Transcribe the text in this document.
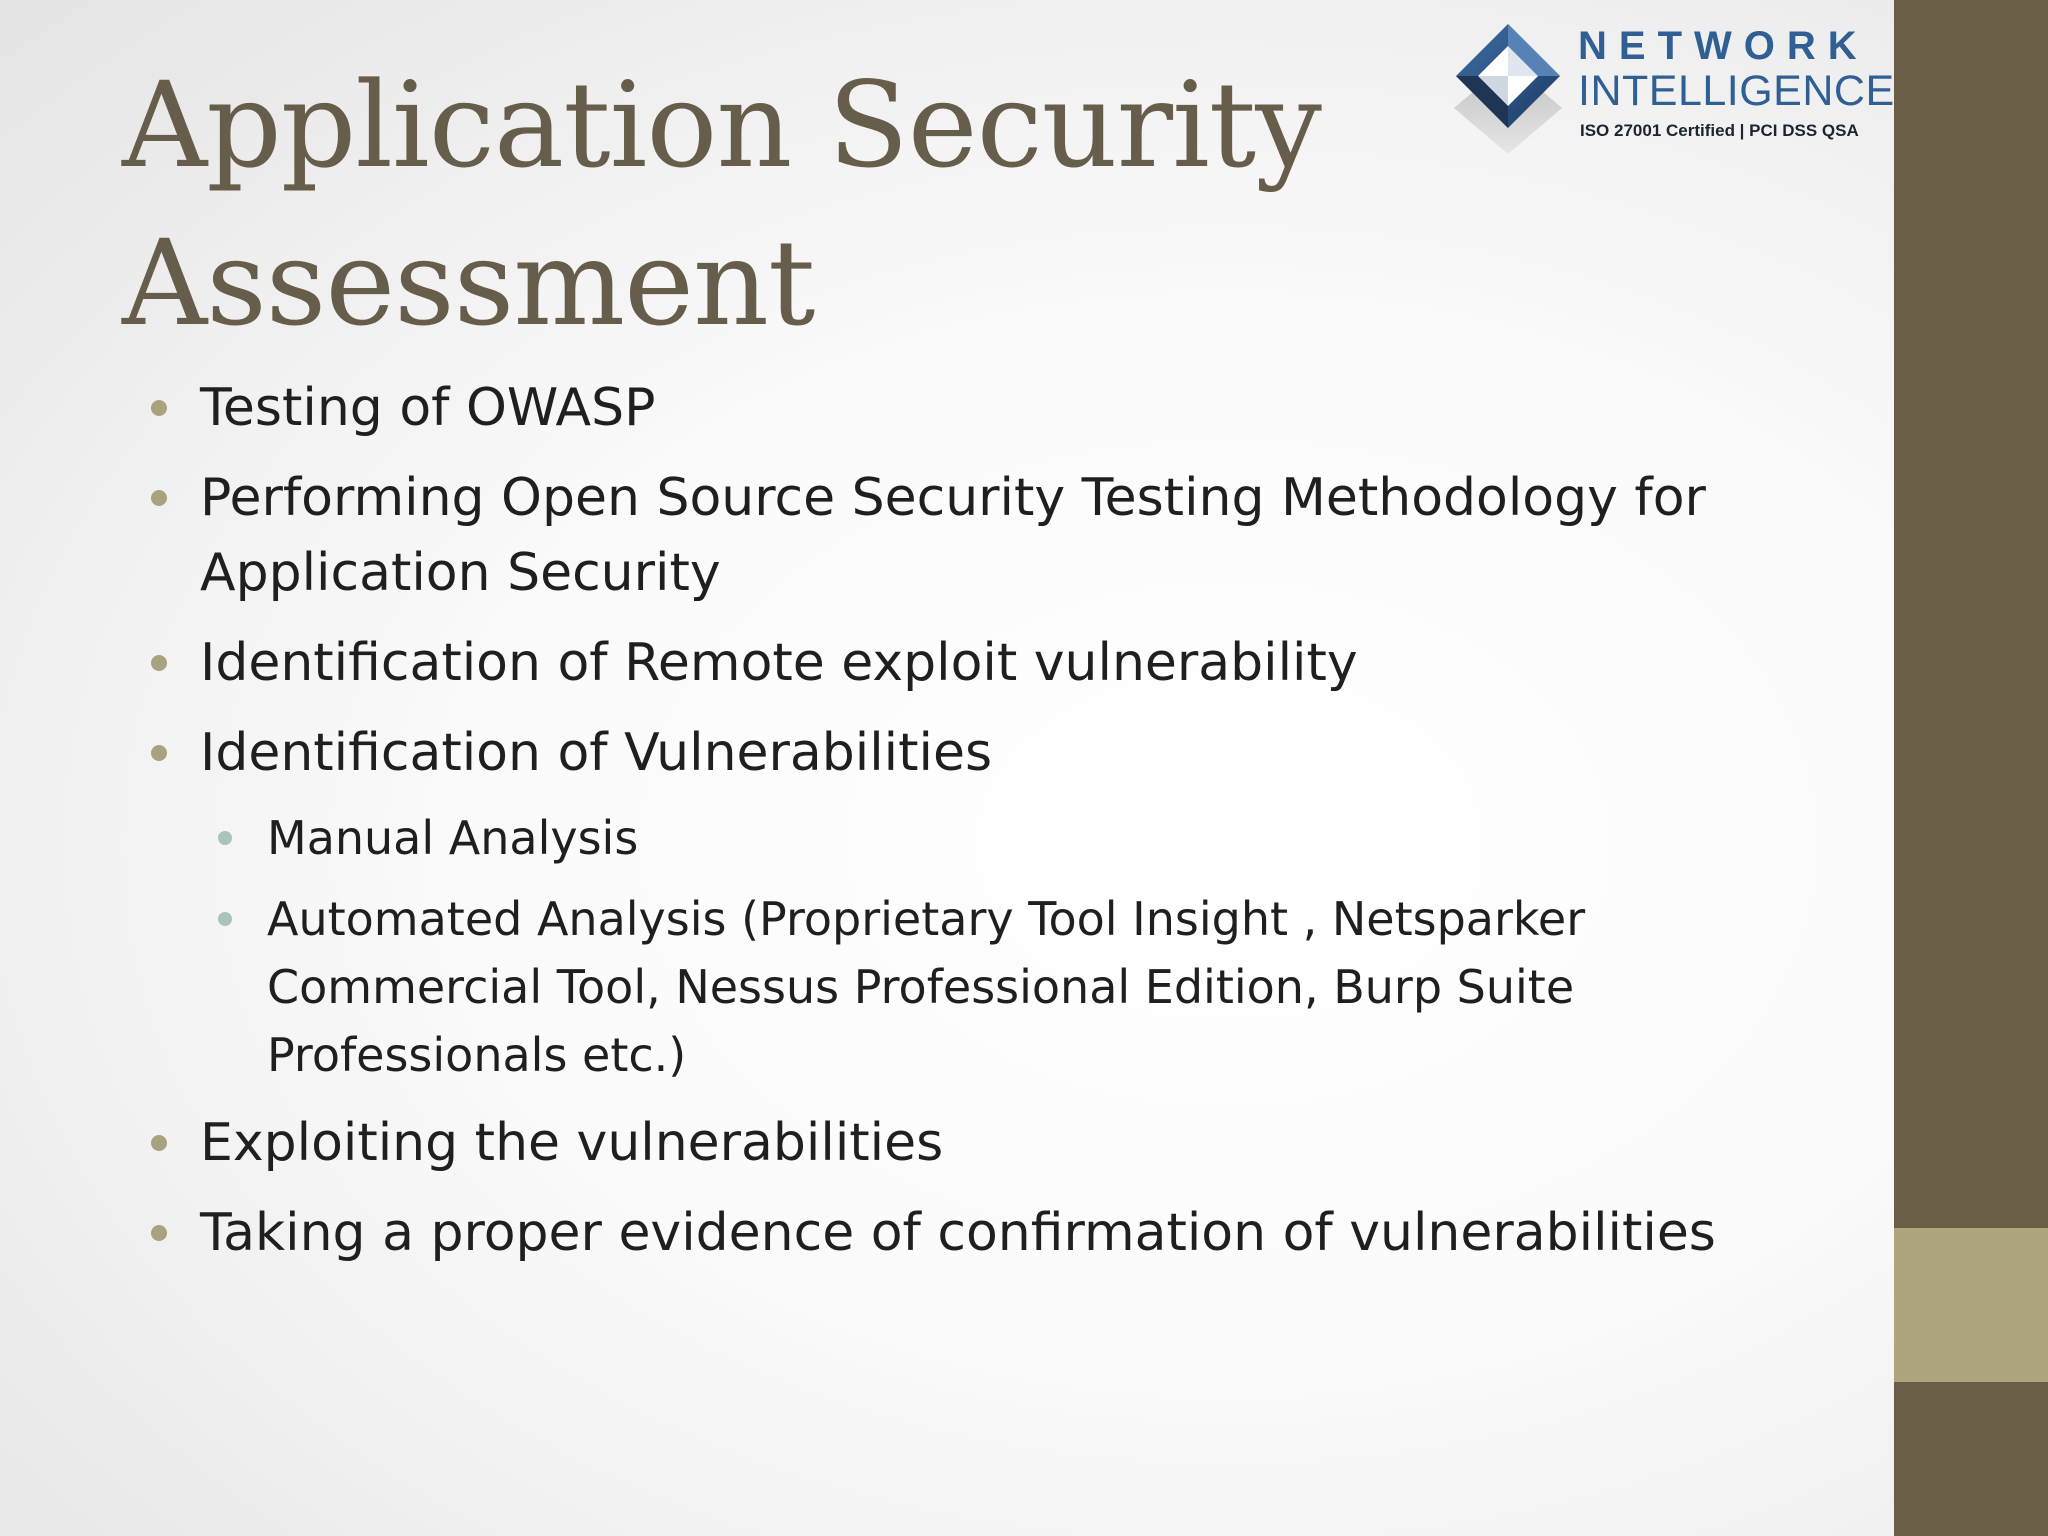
Application Security
Assessment
NETWORK
INTELLIGENCE
ISO 27001 Certified | PCI DSS QSA
Testing of OWASP
Performing Open Source Security Testing Methodology for
Application Security
Identification of Remote exploit vulnerability
Identification of Vulnerabilities
Manual Analysis
Automated Analysis (Proprietary Tool Insight , Netsparker
Commercial Tool, Nessus Professional Edition, Burp Suite
Professionals etc.)
Exploiting the vulnerabilities
Taking a proper evidence of confirmation of vulnerabilities
